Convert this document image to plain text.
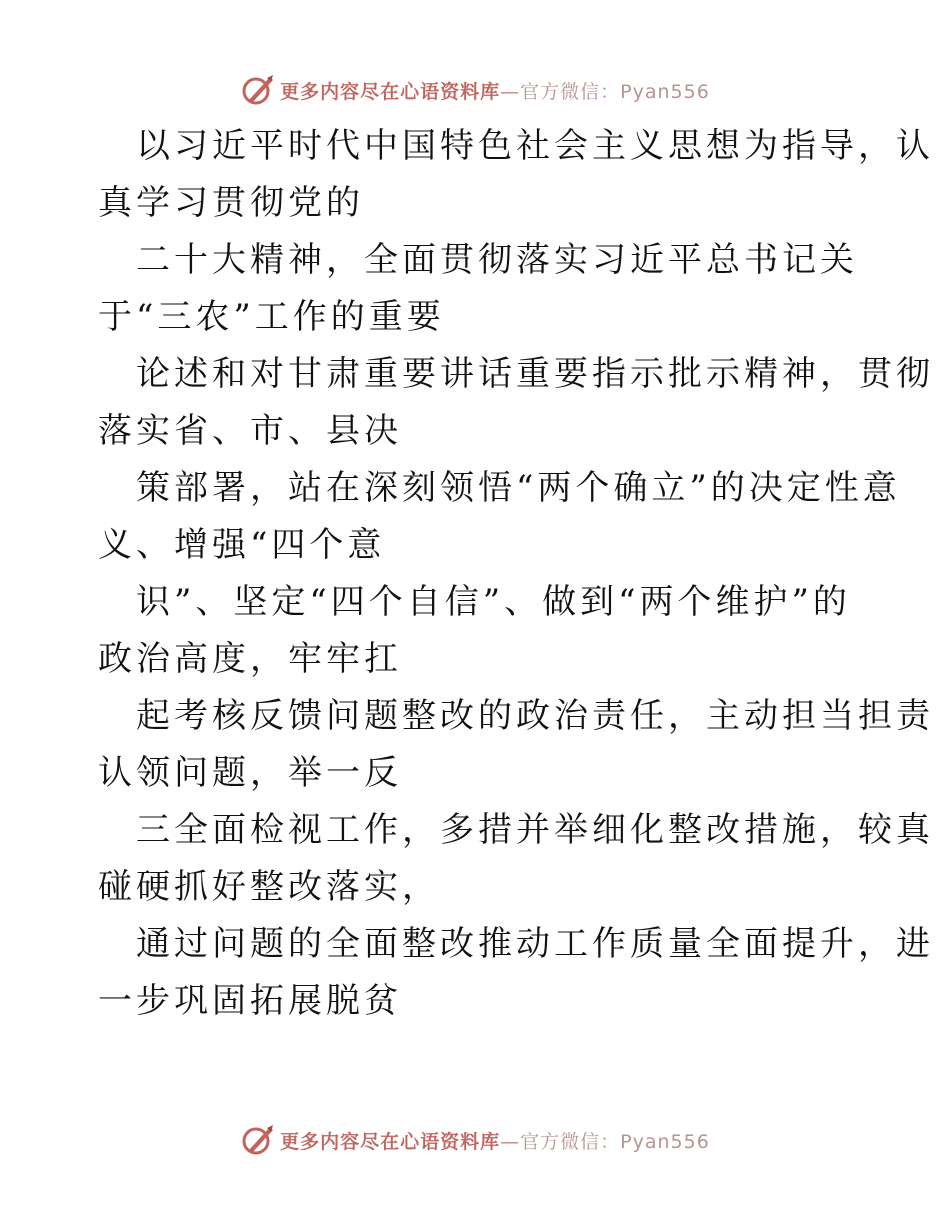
更多内容尽在心语资料库—官方微信：Pyan556

以习近平时代中国特色社会主义思想为指导，认
真学习贯彻党的

二十大精神，全面贯彻落实习近平总书记关
于“三农”工作的重要

论述和对甘肃重要讲话重要指示批示精神，贯彻
落实省、市、县决

策部署，站在深刻领悟“两个确立”的决定性意
义、增强“四个意

识”、坚定“四个自信”、做到“两个维护”的
政治高度，牢牢扛

起考核反馈问题整改的政治责任，主动担当担责
认领问题，举一反

三全面检视工作，多措并举细化整改措施，较真
碰硬抓好整改落实，

通过问题的全面整改推动工作质量全面提升，进
一步巩固拓展脱贫

更多内容尽在心语资料库—官方微信：Pyan556
